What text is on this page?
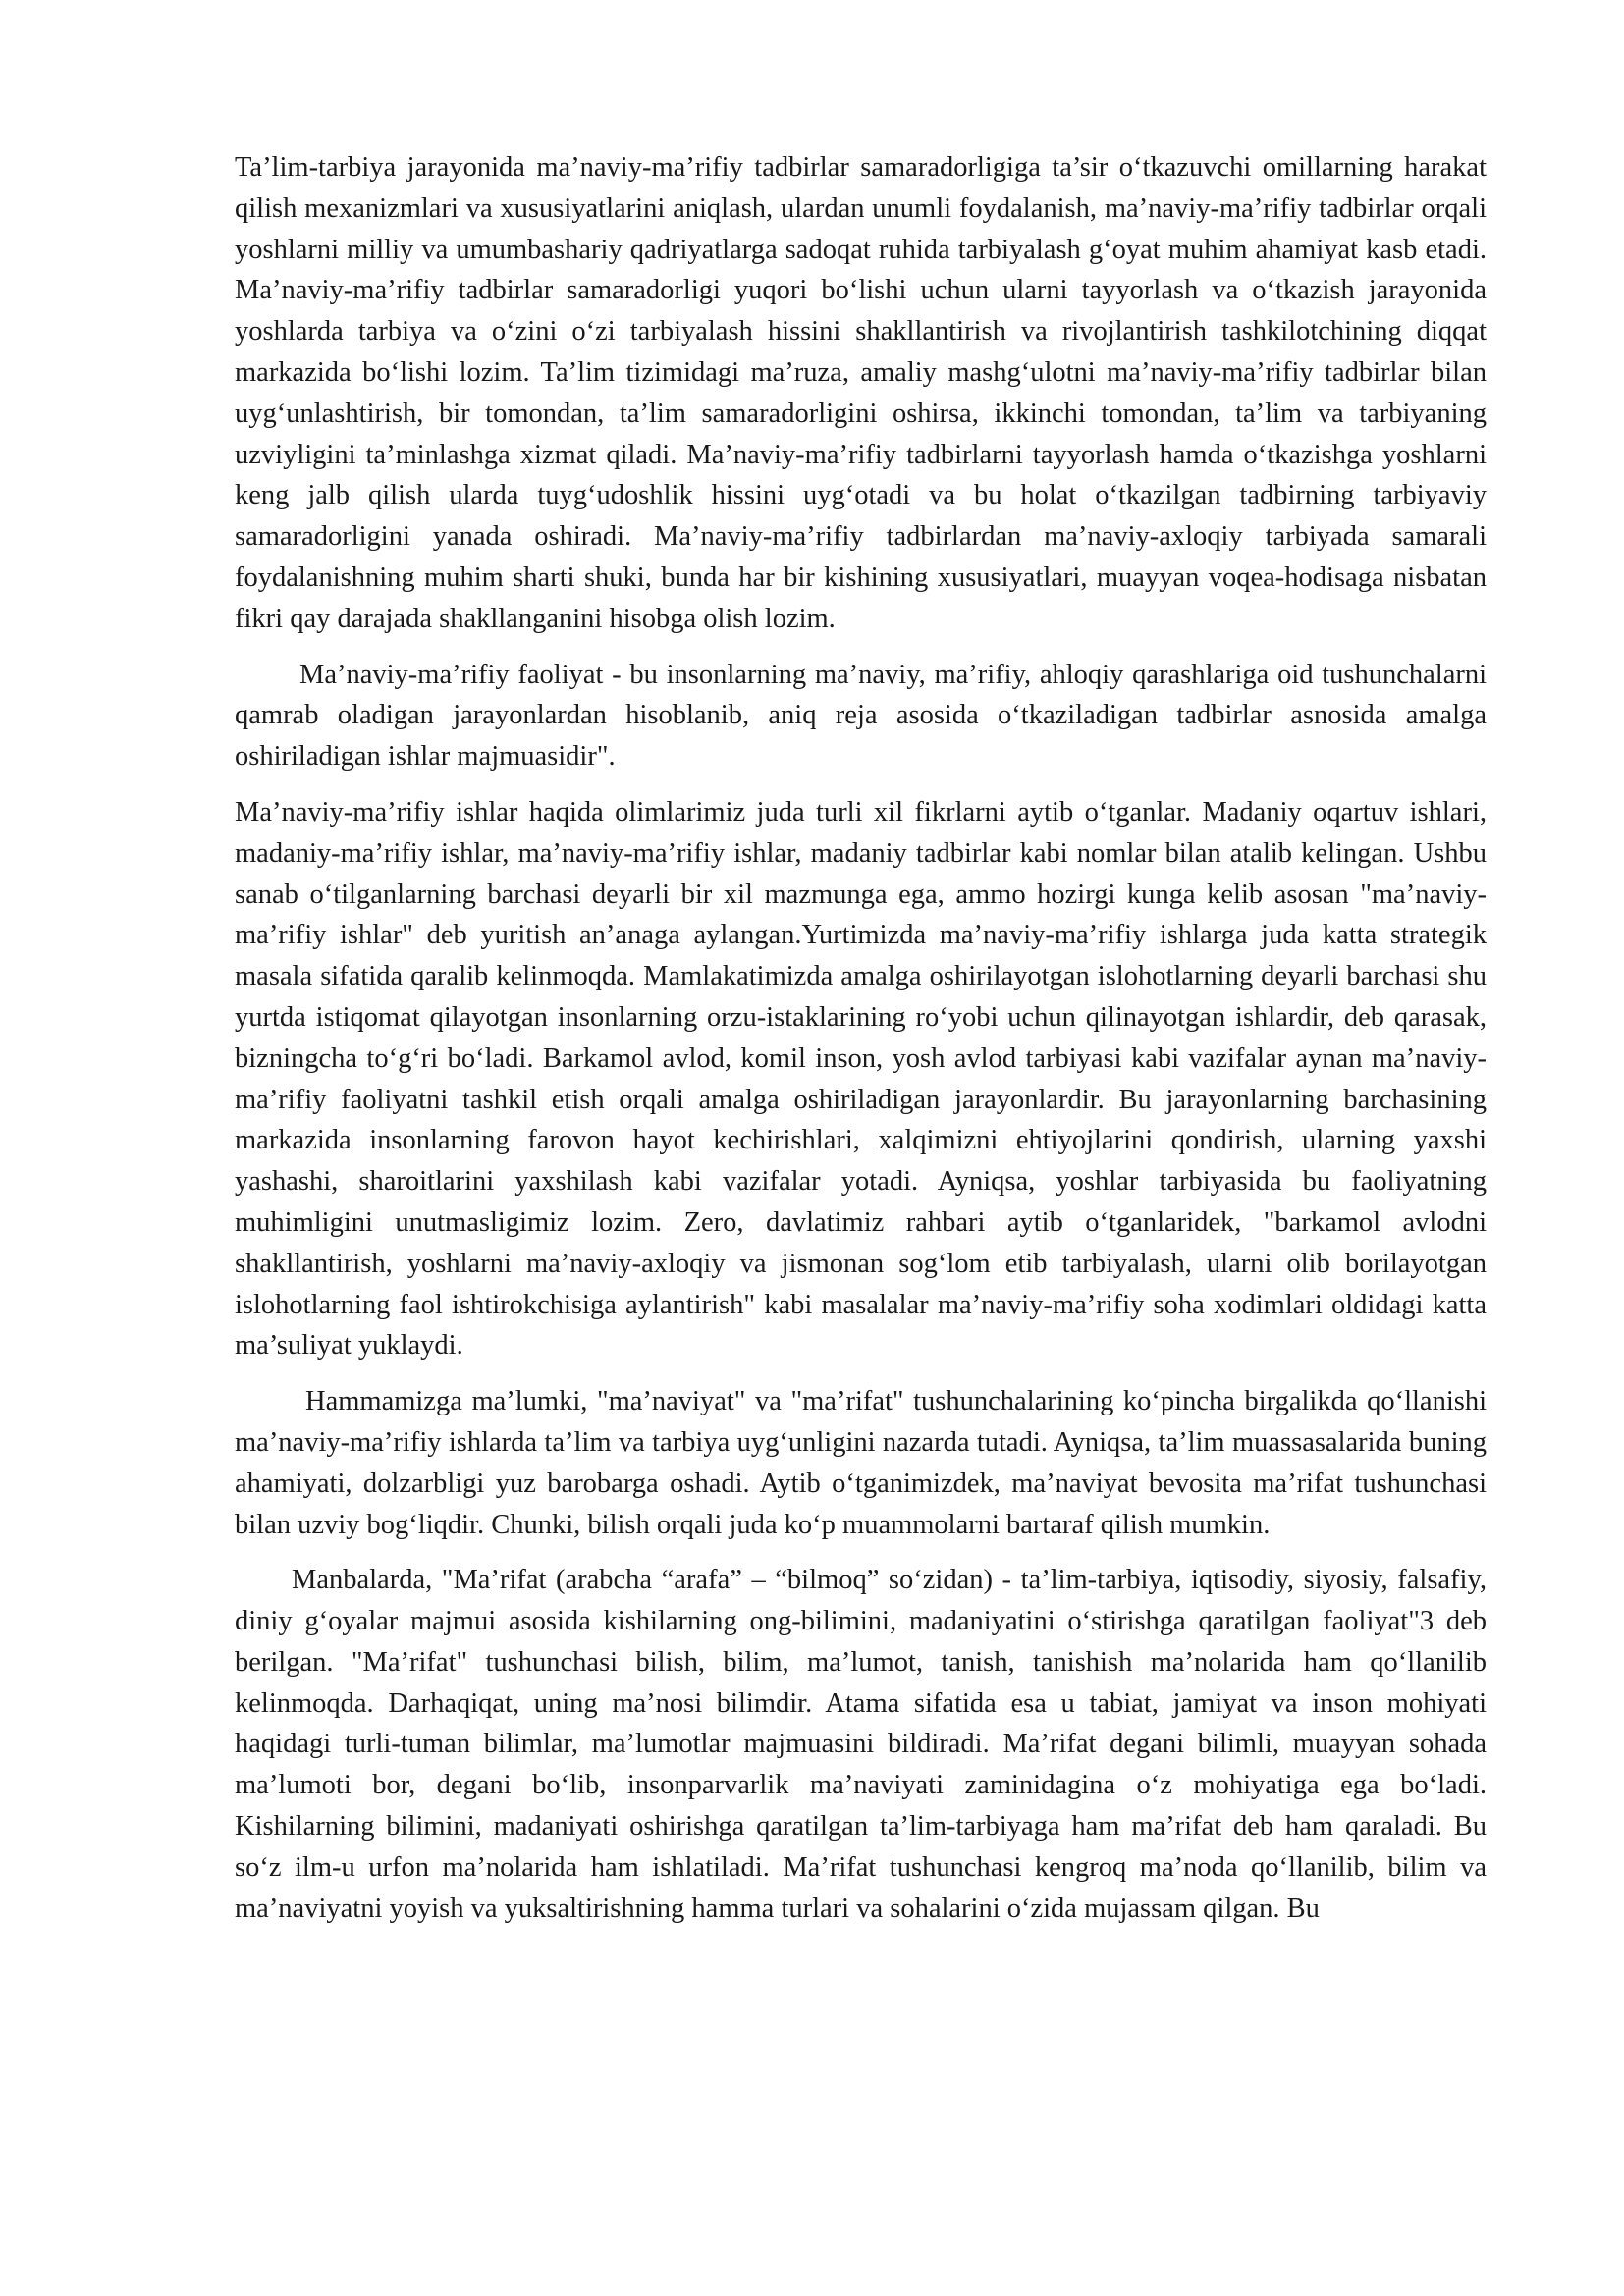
Ta’lim-tarbiya jarayonida ma’naviy-ma’rifiy tadbirlar samaradorligiga ta’sir o‘tkazuvchi omillarning harakat qilish mexanizmlari va xususiyatlarini aniqlash, ulardan unumli foydalanish, ma’naviy-ma’rifiy tadbirlar orqali yoshlarni milliy va umumbashariy qadriyatlarga sadoqat ruhida tarbiyalash g‘oyat muhim ahamiyat kasb etadi. Ma’naviy-ma’rifiy tadbirlar samaradorligi yuqori bo‘lishi uchun ularni tayyorlash va o‘tkazish jarayonida yoshlarda tarbiya va o‘zini o‘zi tarbiyalash hissini shakllantirish va rivojlantirish tashkilotchining diqqat markazida bo‘lishi lozim. Ta’lim tizimidagi ma’ruza, amaliy mashg‘ulotni ma’naviy-ma’rifiy tadbirlar bilan uyg‘unlashtirish, bir tomondan, ta’lim samaradorligini oshirsa, ikkinchi tomondan, ta’lim va tarbiyaning uzviyligini ta’minlashga xizmat qiladi. Ma’naviy-ma’rifiy tadbirlarni tayyorlash hamda o‘tkazishga yoshlarni keng jalb qilish ularda tuyg‘udoshlik hissini uyg‘otadi va bu holat o‘tkazilgan tadbirning tarbiyaviy samaradorligini yanada oshiradi. Ma’naviy-ma’rifiy tadbirlardan ma’naviy-axloqiy tarbiyada samarali foydalanishning muhim sharti shuki, bunda har bir kishining xususiyatlari, muayyan voqea-hodisaga nisbatan fikri qay darajada shakllanganini hisobga olish lozim.

Ma’naviy-ma’rifiy faoliyat - bu insonlarning ma’naviy, ma’rifiy, ahloqiy qarashlariga oid tushunchalarni qamrab oladigan jarayonlardan hisoblanib, aniq reja asosida o‘tkaziladigan tadbirlar asnosida amalga oshiriladigan ishlar majmuasidir".

Ma’naviy-ma’rifiy ishlar haqida olimlarimiz juda turli xil fikrlarni aytib o‘tganlar. Madaniy oqartuv ishlari, madaniy-ma’rifiy ishlar, ma’naviy-ma’rifiy ishlar, madaniy tadbirlar kabi nomlar bilan atalib kelingan. Ushbu sanab o‘tilganlarning barchasi deyarli bir xil mazmunga ega, ammo hozirgi kunga kelib asosan "ma’naviy-ma’rifiy ishlar" deb yuritish an’anaga aylangan.Yurtimizda ma’naviy-ma’rifiy ishlarga juda katta strategik masala sifatida qaralib kelinmoqda. Mamlakatimizda amalga oshirilayotgan islohotlarning deyarli barchasi shu yurtda istiqomat qilayotgan insonlarning orzu-istaklarining ro‘yobi uchun qilinayotgan ishlardir, deb qarasak, bizningcha to‘g‘ri bo‘ladi. Barkamol avlod, komil inson, yosh avlod tarbiyasi kabi vazifalar aynan ma’naviy-ma’rifiy faoliyatni tashkil etish orqali amalga oshiriladigan jarayonlardir. Bu jarayonlarning barchasining markazida insonlarning farovon hayot kechirishlari, xalqimizni ehtiyojlarini qondirish, ularning yaxshi yashashi, sharoitlarini yaxshilash kabi vazifalar yotadi. Ayniqsa, yoshlar tarbiyasida bu faoliyatning muhimligini unutmasligimiz lozim. Zero, davlatimiz rahbari aytib o‘tganlaridek, "barkamol avlodni shakllantirish, yoshlarni ma’naviy-axloqiy va jismonan sog‘lom etib tarbiyalash, ularni olib borilayotgan islohotlarning faol ishtirokchisiga aylantirish" kabi masalalar ma’naviy-ma’rifiy soha xodimlari oldidagi katta ma’suliyat yuklaydi.

Hammamizga ma’lumki, "ma’naviyat" va "ma’rifat" tushunchalarining ko‘pincha birgalikda qo‘llanishi ma’naviy-ma’rifiy ishlarda ta’lim va tarbiya uyg‘unligini nazarda tutadi. Ayniqsa, ta’lim muassasalarida buning ahamiyati, dolzarbligi yuz barobarga oshadi. Aytib o‘tganimizdek, ma’naviyat bevosita ma’rifat tushunchasi bilan uzviy bog‘liqdir. Chunki, bilish orqali juda ko‘p muammolarni bartaraf qilish mumkin.

Manbalarda, "Ma’rifat (arabcha “arafa” – “bilmoq” so‘zidan) - ta’lim-tarbiya, iqtisodiy, siyosiy, falsafiy, diniy g‘oyalar majmui asosida kishilarning ong-bilimini, madaniyatini o‘stirishga qaratilgan faoliyat"3 deb berilgan. "Ma’rifat" tushunchasi bilish, bilim, ma’lumot, tanish, tanishish ma’nolarida ham qo‘llanilib kelinmoqda. Darhaqiqat, uning ma’nosi bilimdir. Atama sifatida esa u tabiat, jamiyat va inson mohiyati haqidagi turli-tuman bilimlar, ma’lumotlar majmuasini bildiradi. Ma’rifat degani bilimli, muayyan sohada ma’lumoti bor, degani bo‘lib, insonparvarlik ma’naviyati zaminidagina o‘z mohiyatiga ega bo‘ladi. Kishilarning bilimini, madaniyati oshirishga qaratilgan ta’lim-tarbiyaga ham ma’rifat deb ham qaraladi. Bu so‘z ilm-u urfon ma’nolarida ham ishlatiladi. Ma’rifat tushunchasi kengroq ma’noda qo‘llanilib, bilim va ma’naviyatni yoyish va yuksaltirishning hamma turlari va sohalarini o‘zida mujassam qilgan. Bu
